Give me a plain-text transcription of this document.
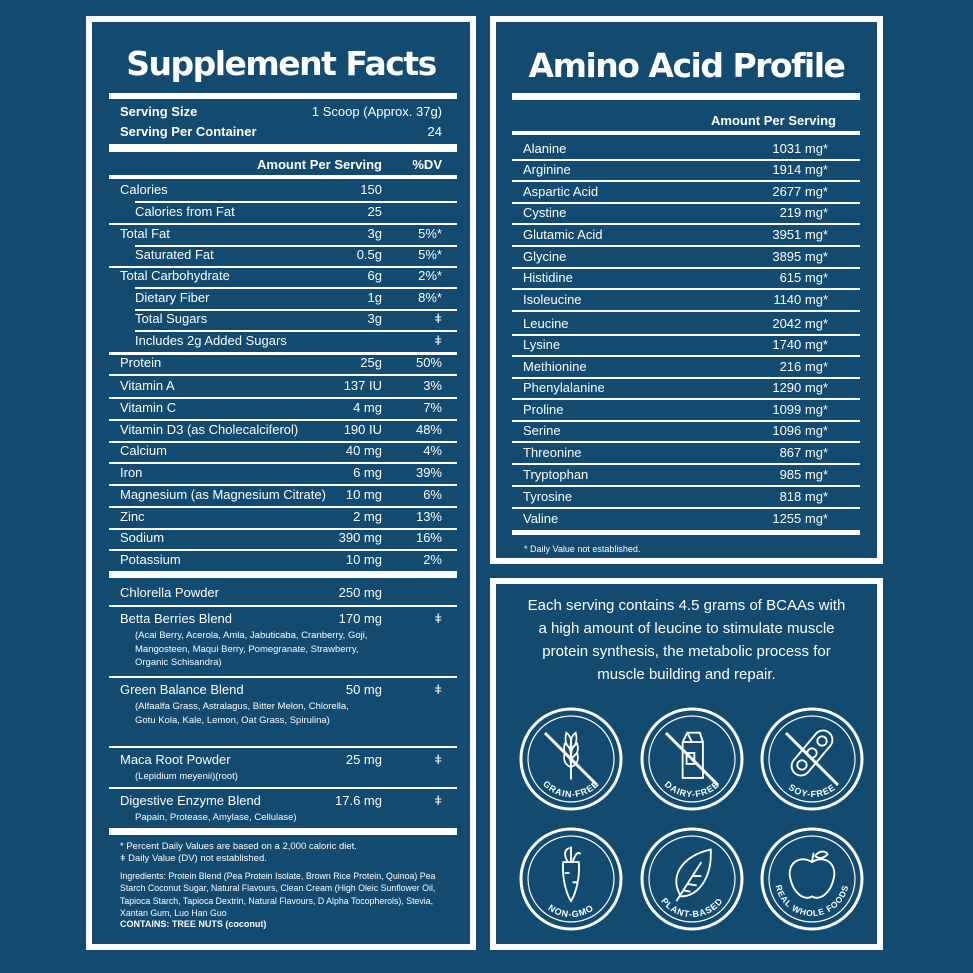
Supplement Facts
Serving Size	1 Scoop (Approx. 37g)
Serving Per Container	24
Amount Per Serving	%DV
Calories	150
Calories from Fat	25
Total Fat	3g	5%*
Saturated Fat	0.5g	5%*
Total Carbohydrate	6g	2%*
Dietary Fiber	1g	8%*
Total Sugars	3g	ǂ
Includes 2g Added Sugars	ǂ
Protein	25g	50%
Vitamin A	137 IU	3%
Vitamin C	4 mg	7%
Vitamin D3 (as Cholecalciferol)	190 IU	48%
Calcium	40 mg	4%
Iron	6 mg	39%
Magnesium (as Magnesium Citrate)	10 mg	6%
Zinc	2 mg	13%
Sodium	390 mg	16%
Potassium	10 mg	2%
Chlorella Powder	250 mg
Betta Berries Blend	170 mg	ǂ
(Acai Berry, Acerola, Amla, Jabuticaba, Cranberry, Goji, Mangosteen, Maqui Berry, Pomegranate, Strawberry, Organic Schisandra)
Green Balance Blend	50 mg	ǂ
(Alfaalfa Grass, Astralagus, Bitter Melon, Chlorella, Gotu Kola, Kale, Lemon, Oat Grass, Spirulina)
Maca Root Powder	25 mg	ǂ
(Lepidium meyenii)(root)
Digestive Enzyme Blend	17.6 mg	ǂ
Papain, Protease, Amylase, Cellulase)
* Percent Daily Values are based on a 2,000 caloric diet.
ǂ Daily Value (DV) not established.
Ingredients: Protein Blend (Pea Protein Isolate, Brown Rice Protein, Quinoa) Pea Starch Coconut Sugar, Natural Flavours, Clean Cream (High Oleic Sunflower Oil, Tapioca Starch, Tapioca Dextrin, Natural Flavours, D Alpha Tocopherols), Stevia, Xantan Gum, Luo Han Guo
CONTAINS: TREE NUTS (coconut)
Amino Acid Profile
Amount Per Serving
Alanine	1031 mg*
Arginine	1914 mg*
Aspartic Acid	2677 mg*
Cystine	219 mg*
Glutamic Acid	3951 mg*
Glycine	3895 mg*
Histidine	615 mg*
Isoleucine	1140 mg*
Leucine	2042 mg*
Lysine	1740 mg*
Methionine	216 mg*
Phenylalanine	1290 mg*
Proline	1099 mg*
Serine	1096 mg*
Threonine	867 mg*
Tryptophan	985 mg*
Tyrosine	818 mg*
Valine	1255 mg*
* Daily Value not established.
Each serving contains 4.5 grams of BCAAs with a high amount of leucine to stimulate muscle protein synthesis, the metabolic process for muscle building and repair.
GRAIN-FREE	DAIRY-FREE	SOY-FREE
NON-GMO
PLANT-BASED
REAL WHOLE FOODS
